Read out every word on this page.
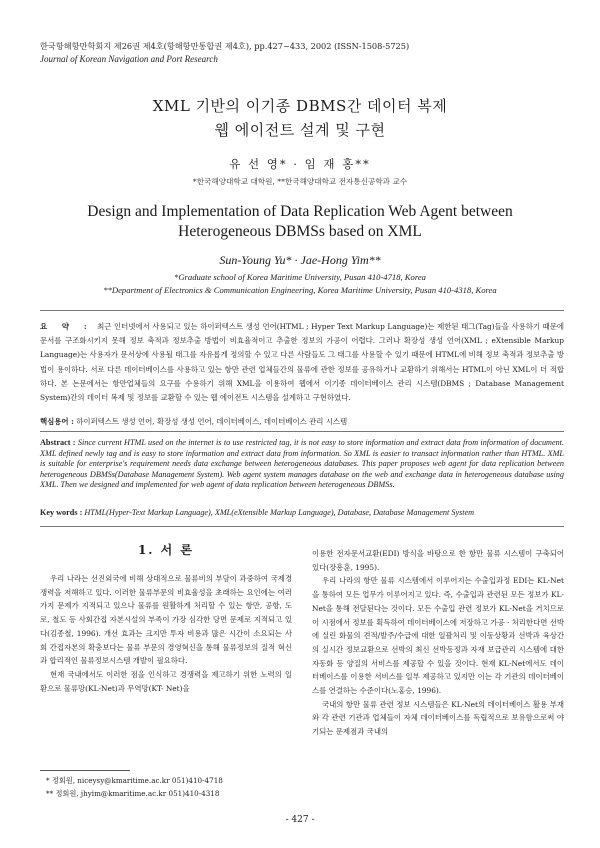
한국항해항만학회지 제26권 제4호(항해항만통합권 제4호), pp.427~433, 2002 (ISSN-1508-5725)
Journal of Korean Navigation and Port Research
XML 기반의 이기종 DBMS간 데이터 복제
웹 에이전트 설계 및 구현
유 선 영* · 임 재 홍**
*한국해양대학교 대학원, **한국해양대학교 전자통신공학과 교수
Design and Implementation of Data Replication Web Agent between
Heterogeneous DBMSs based on XML
Sun-Young Yu* · Jae-Hong Yim**
*Graduate school of Korea Maritime University, Pusan 410-4718, Korea
**Department of Electronics & Communication Engineering, Korea Maritime University, Pusan 410-4318, Korea
요 약 : 최근 인터넷에서 사용되고 있는 하이퍼텍스트 생성 언어(HTML ; Hyper Text Markup Language)는 제한된 태그(Tag)들을 사용하기 때문에 문서를 구조화시키지 못해 정보 축적과 정보추출 방법이 비효율적이고 추출한 정보의 가공이 어렵다. 그러나 확장성 생성 언어(XML ; eXtensible Markup Language)는 사용자가 문서상에 사용될 태그를 자유롭게 정의할 수 있고 다른 사람들도 그 태그를 사용할 수 있기 때문에 HTML에 비해 정보 축적과 정보추출 방법이 용이하다. 서로 다른 데이터베이스를 사용하고 있는 항만 관련 업체들간의 물류에 관한 정보를 공유하거나 교환하기 위해서는 HTML이 아닌 XML이 더 적합하다. 본 논문에서는 항만업체들의 요구를 수용하기 위해 XML을 이용하여 웹에서 이기종 데이터베이스 관리 시스템(DBMS ; Database Management System)간의 데이터 복제 및 정보를 교환할 수 있는 웹 에이전트 시스템을 설계하고 구현하였다.
핵심용어 : 하이퍼텍스트 생성 언어, 확장성 생성 언어, 데이터베이스, 데이터베이스 관리 시스템
Abstract : Since current HTML used on the internet is to use restricted tag, it is not easy to store information and extract data from information of document. XML defined newly tag and is easy to store information and extract data from information. So XML is easier to transact information rather than HTML. XML is suitable for enterprise's requirement needs data exchange between heterogeneous databases. This paper proposes web agent for data replication between heterogeneous DBMSs(Database Management System). Web agent system manages database on the web and exchange data in heterogeneous database using XML. Then we designed and implemented for web agent of data replication between heterogeneous DBMSs.
Key words : HTML(Hyper-Text Markup Language), XML(eXtensible Markup Language), Database, Database Management System
1. 서 론

우리 나라는 선진외국에 비해 상대적으로 물류비의 부담이 과중하여 국제경쟁력을 저해하고 있다. 이러한 물류부문의 비효율성을 초래하는 요인에는 여러 가지 문제가 지적되고 있으나 물류를 원활하게 처리할 수 있는 항만, 공항, 도로, 철도 등 사회간접 자본시설의 부족이 가장 심각한 당면 문제로 지적되고 있다(김종철, 1996). 개선 효과는 크지만 투자 비용과 많은 시간이 소요되는 사회 간접자본의 확충보다는 물류 부문의 경영혁신을 통해 물류정보의 질적 혁신과 합리적인 물류정보시스템 개발이 필요하다.

현재 국내에서도 이러한 점을 인식하고 경쟁력을 제고하기 위한 노력의 일환으로 물류망(KL-Net)과 무역망(KT- Net)을

이용한 전자문서교환(EDI) 방식을 바탕으로 한 항만 물류 시스템이 구축되어 있다(장흥훈, 1995).

우리 나라의 항만 물류 시스템에서 이루어지는 수출입과정 EDI는 KL-Net을 통하여 모든 업무가 이루어지고 있다. 즉, 수출입과 관련된 모든 정보가 KL-Net을 통해 전달된다는 것이다. 모든 수출입 관련 정보가 KL-Net을 거치므로 이 시점에서 정보를 획득하여 데이터베이스에 저장하고 가공 · 처리한다면 선박에 실린 화물의 견적/발주/수급에 대한 일괄처리 및 이동상황과 선박과 육상간의 실시간 정보교환으로 선박의 최신 선박동정과 자재 보급관리 시스템에 대한 자동화 등 양질의 서비스를 제공할 수 있을 것이다. 현재 KL-Net에서도 데이터베이스를 이용한 서비스를 일부 제공하고 있지만 이는 각 기관의 데이터베이스를 연결하는 수준이다(노홍승, 1996).

국내의 항만 물류 관련 정보 시스템들은 KL-Net의 데이터베이스 활용 부재와 각 관련 기관과 업체들이 자체 데이터베이스를 독립적으로 보유함으로써 야기되는 문제점과 국내의

* 정회원, niceysy@kmaritime.ac.kr 051)410-4718
** 정회원, jhyim@kmaritime.ac.kr 051)410-4318
- 427 -
